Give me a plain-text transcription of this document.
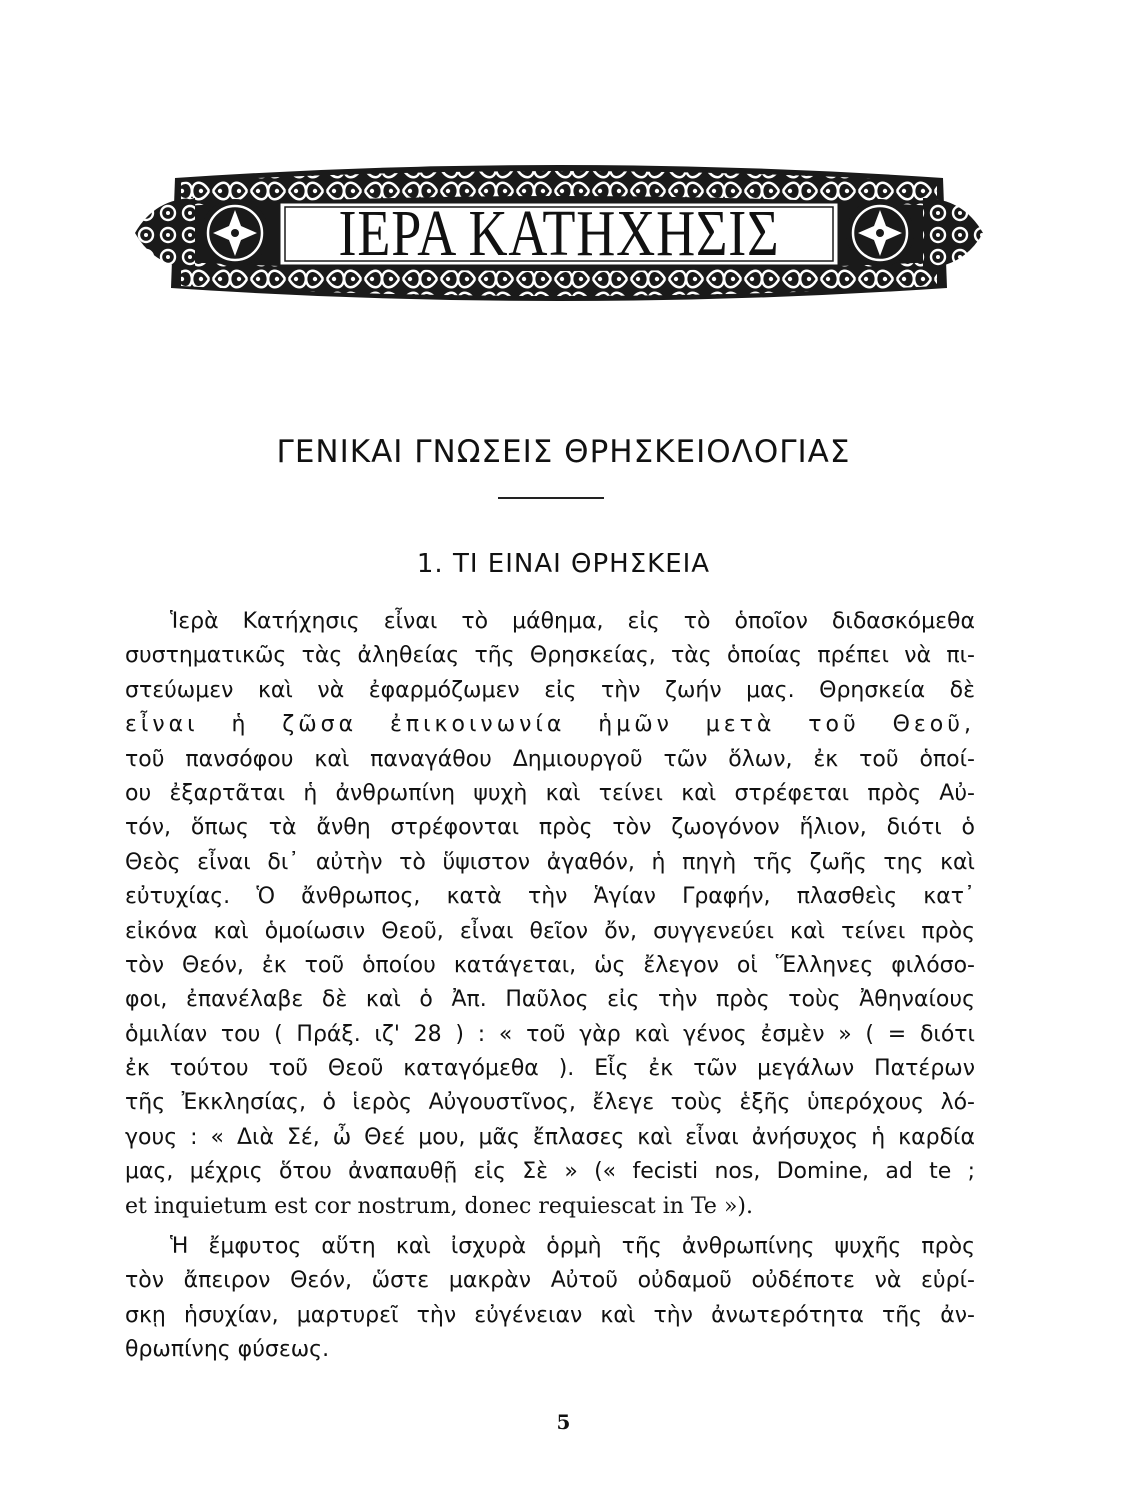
ΙΕΡΑ ΚΑΤΗΧΗΣΙΣ
ΓΕΝΙΚΑΙ ΓΝΩΣΕΙΣ ΘΡΗΣΚΕΙΟΛΟΓΙΑΣ
1. ΤΙ ΕΙΝΑΙ ΘΡΗΣΚΕΙΑ
Ἱερὰ Κατήχησις εἶναι τὸ μάθημα, εἰς τὸ ὁποῖον διδασκόμεθα
συστηματικῶς τὰς ἀληθείας τῆς Θρησκείας, τὰς ὁποίας πρέπει νὰ πι-
στεύωμεν καὶ νὰ ἐφαρμόζωμεν εἰς τὴν ζωήν μας. Θρησκεία δὲ
εἶναι ἡ ζῶσα ἐπικοινωνία ἡμῶν μετὰ τοῦ Θεοῦ,
τοῦ πανσόφου καὶ παναγάθου Δημιουργοῦ τῶν ὅλων, ἐκ τοῦ ὁποί-
ου ἐξαρτᾶται ἡ ἀνθρωπίνη ψυχὴ καὶ τείνει καὶ στρέφεται πρὸς Αὐ-
τόν, ὅπως τὰ ἄνθη στρέφονται πρὸς τὸν ζωογόνον ἥλιον, διότι ὁ
Θεὸς εἶναι δι᾿ αὐτὴν τὸ ὕψιστον ἀγαθόν, ἡ πηγὴ τῆς ζωῆς της καὶ
εὐτυχίας. Ὁ ἄνθρωπος, κατὰ τὴν Ἁγίαν Γραφήν, πλασθεὶς κατ᾿
εἰκόνα καὶ ὁμοίωσιν Θεοῦ, εἶναι θεῖον ὄν, συγγενεύει καὶ τείνει πρὸς
τὸν Θεόν, ἐκ τοῦ ὁποίου κατάγεται, ὡς ἔλεγον οἱ Ἕλληνες φιλόσο-
φοι, ἐπανέλαβε δὲ καὶ ὁ Ἀπ. Παῦλος εἰς τὴν πρὸς τοὺς Ἀθηναίους
ὁμιλίαν του ( Πράξ. ιζ' 28 ) : « τοῦ γὰρ καὶ γένος ἐσμὲν » ( = διότι
ἐκ τούτου τοῦ Θεοῦ καταγόμεθα ). Εἷς ἐκ τῶν μεγάλων Πατέρων
τῆς Ἐκκλησίας, ὁ ἱερὸς Αὐγουστῖνος, ἔλεγε τοὺς ἑξῆς ὑπερόχους λό-
γους : « Διὰ Σέ, ὦ Θεέ μου, μᾶς ἔπλασες καὶ εἶναι ἀνήσυχος ἡ καρδία
μας, μέχρις ὅτου ἀναπαυθῇ εἰς Σὲ » (« fecisti nos, Domine, ad te ;
et inquietum est cor nostrum, donec requiescat in Te »).
Ἡ ἔμφυτος αὕτη καὶ ἰσχυρὰ ὁρμὴ τῆς ἀνθρωπίνης ψυχῆς πρὸς
τὸν ἄπειρον Θεόν, ὥστε μακρὰν Αὐτοῦ οὐδαμοῦ οὐδέποτε νὰ εὑρί-
σκῃ ἡσυχίαν, μαρτυρεῖ τὴν εὐγένειαν καὶ τὴν ἀνωτερότητα τῆς ἀν-
θρωπίνης φύσεως.
5
